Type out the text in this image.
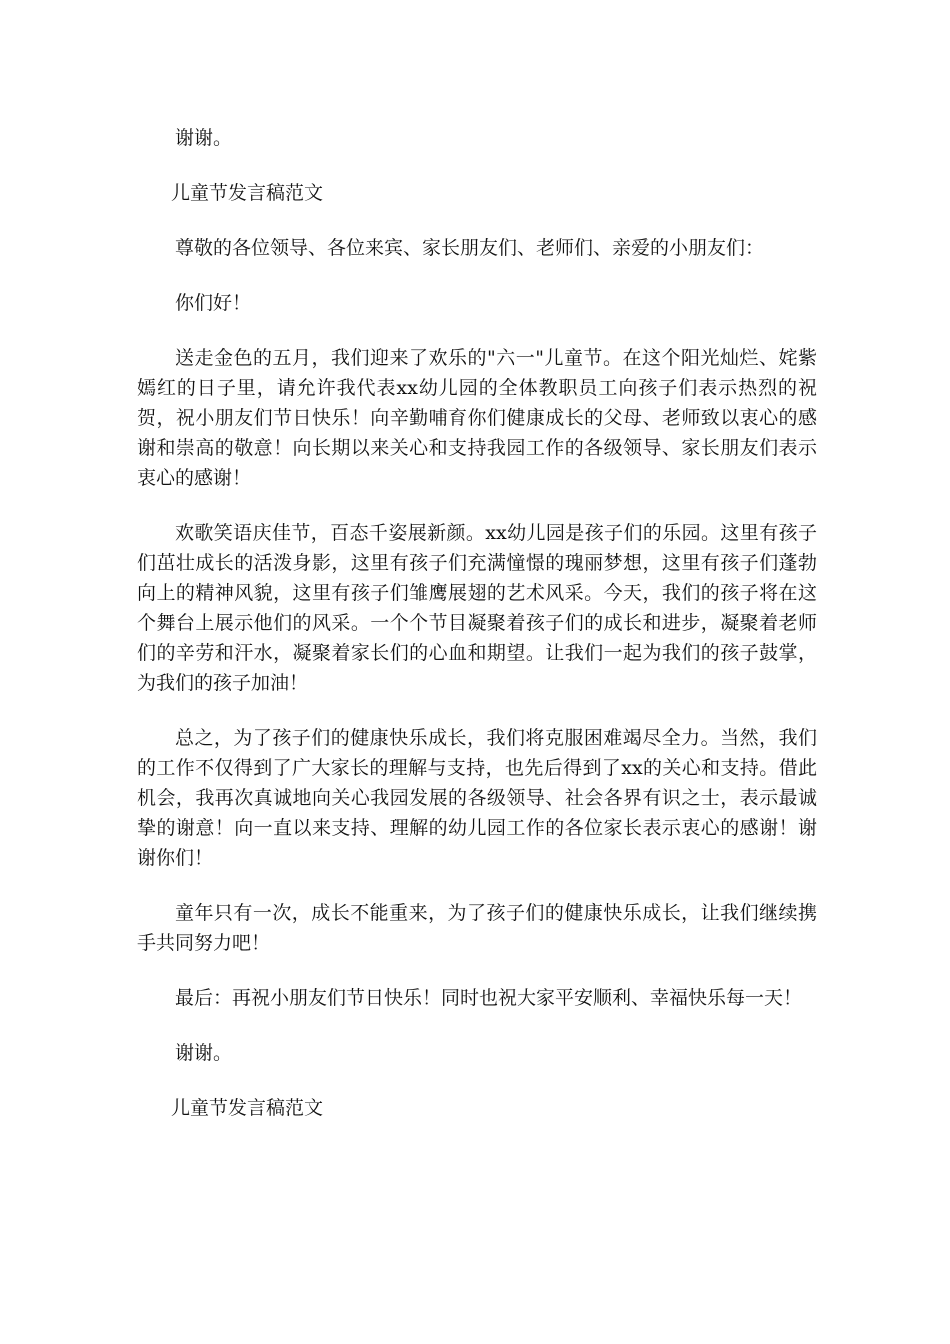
谢谢。

儿童节发言稿范文

尊敬的各位领导、各位来宾、家长朋友们、老师们、亲爱的小朋友们：

你们好！

送走金色的五月，我们迎来了欢乐的"六一"儿童节。在这个阳光灿烂、姹紫嫣红的日子里，请允许我代表xx幼儿园的全体教职员工向孩子们表示热烈的祝贺，祝小朋友们节日快乐！向辛勤哺育你们健康成长的父母、老师致以衷心的感谢和崇高的敬意！向长期以来关心和支持我园工作的各级领导、家长朋友们表示衷心的感谢！

欢歌笑语庆佳节，百态千姿展新颜。xx幼儿园是孩子们的乐园。这里有孩子们茁壮成长的活泼身影，这里有孩子们充满憧憬的瑰丽梦想，这里有孩子们蓬勃向上的精神风貌，这里有孩子们雏鹰展翅的艺术风采。今天，我们的孩子将在这个舞台上展示他们的风采。一个个节目凝聚着孩子们的成长和进步，凝聚着老师们的辛劳和汗水，凝聚着家长们的心血和期望。让我们一起为我们的孩子鼓掌，为我们的孩子加油！

总之，为了孩子们的健康快乐成长，我们将克服困难竭尽全力。当然，我们的工作不仅得到了广大家长的理解与支持，也先后得到了xx的关心和支持。借此机会，我再次真诚地向关心我园发展的各级领导、社会各界有识之士，表示最诚挚的谢意！向一直以来支持、理解的幼儿园工作的各位家长表示衷心的感谢！谢谢你们！

童年只有一次，成长不能重来，为了孩子们的健康快乐成长，让我们继续携手共同努力吧！

最后：再祝小朋友们节日快乐！同时也祝大家平安顺利、幸福快乐每一天！

谢谢。

儿童节发言稿范文
